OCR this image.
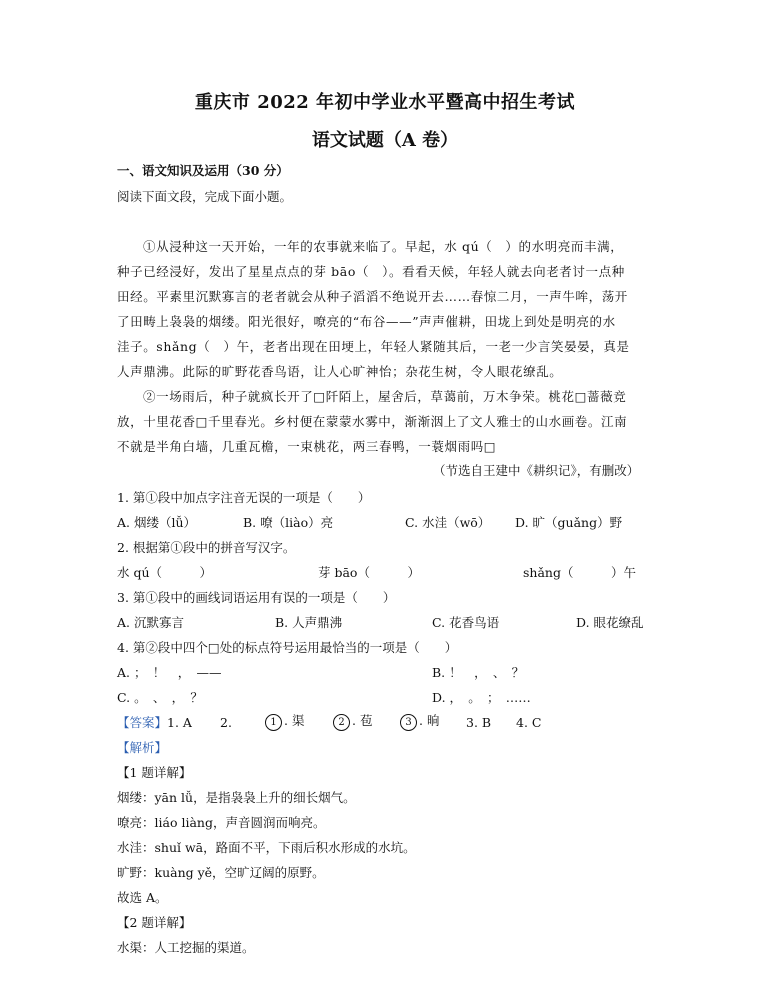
重庆市 2022 年初中学业水平暨高中招生考试
语文试题（A 卷）
一、语文知识及运用（30 分）
阅读下面文段，完成下面小题。
①从浸种这一天开始，一年的农事就来临了。早起，水 qú（　）的水明亮而丰满，
种子已经浸好，发出了星星点点的芽 bāo（　）。看看天候，年轻人就去向老者讨一点种
田经。平素里沉默寡言的老者就会从种子滔滔不绝说开去……春惊二月，一声牛哞，荡开
了田畴上袅袅的烟缕。阳光很好，嘹亮的“布谷——”声声催耕，田垅上到处是明亮的水
洼子。shǎng（　）午，老者出现在田埂上，年轻人紧随其后，一老一少言笑晏晏，真是
人声鼎沸。此际的旷野花香鸟语，让人心旷神怡；杂花生树，令人眼花缭乱。
②一场雨后，种子就疯长开了□阡陌上，屋舍后，草蔼前，万木争荣。桃花□蔷薇竞
放，十里花香□千里春光。乡村便在蒙蒙水雾中，渐渐洇上了文人雅士的山水画卷。江南
不就是半角白墙，几重瓦檐，一束桃花，两三春鸭，一蓑烟雨吗□
（节选自王建中《耕织记》，有删改）
1. 第①段中加点字注音无误的一项是（　　）
A. 烟缕（lǚ）	B. 嘹（liào）亮	C. 水洼（wō） D. 旷（guǎng）野
2. 根据第①段中的拼音写汉字。
水 qú（　　　）	芽 bāo（　　　）	shǎng（　　　）午
3. 第①段中的画线词语运用有误的一项是（　　）
A. 沉默寡言	B. 人声鼎沸	C. 花香鸟语	D. 眼花缭乱
4. 第②段中四个□处的标点符号运用最恰当的一项是（　　）
A. ；　！　，　——	B. ！　，　、　？
C. 。　、　，　？	D. ，　。　；　……
【答案】1. A 2.	1 . 渠	2 . 苞	3 . 晌 3. B 4. C
【解析】
【1 题详解】
烟缕：yān lǚ，是指袅袅上升的细长烟气。
嘹亮：liáo liàng，声音圆润而响亮。
水洼：shuǐ wā，路面不平，下雨后积水形成的水坑。
旷野：kuàng yě，空旷辽阔的原野。
故选 A。
【2 题详解】
水渠：人工挖掘的渠道。
